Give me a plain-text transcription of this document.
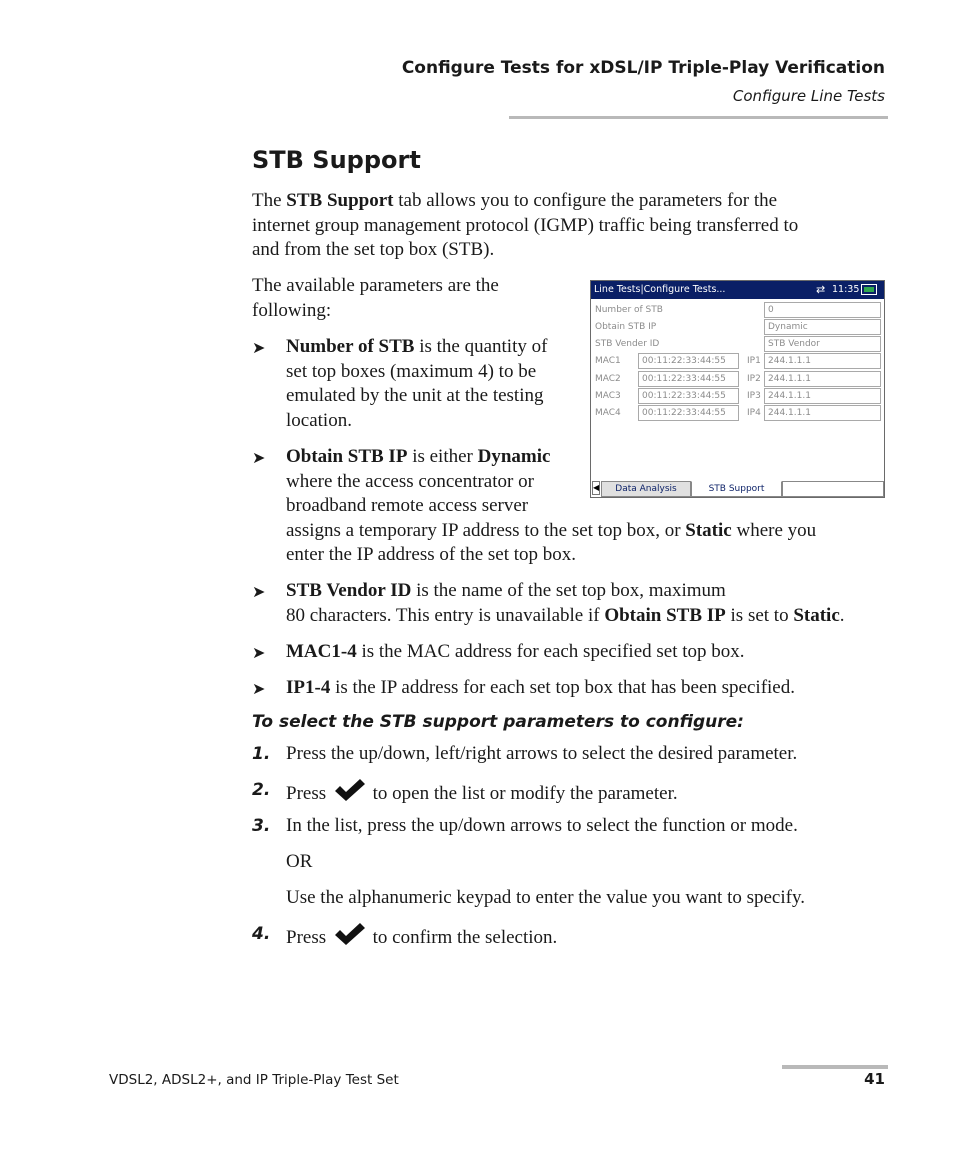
Configure Tests for xDSL/IP Triple-Play Verification
Configure Line Tests
STB Support
The STB Support tab allows you to configure the parameters for the
internet group management protocol (IGMP) traffic being transferred to
and from the set top box (STB).
The available parameters are the
following:
➤ Number of STB is the quantity of
set top boxes (maximum 4) to be
emulated by the unit at the testing
location.
➤ Obtain STB IP is either Dynamic
where the access concentrator or
broadband remote access server
assigns a temporary IP address to the set top box, or Static where you
enter the IP address of the set top box.
➤ STB Vendor ID is the name of the set top box, maximum
80 characters. This entry is unavailable if Obtain STB IP is set to Static.
➤ MAC1-4 is the MAC address for each specified set top box.
➤ IP1-4 is the IP address for each set top box that has been specified.
To select the STB support parameters to configure:
1. Press the up/down, left/right arrows to select the desired parameter.
2. Press  to open the list or modify the parameter.
3. In the list, press the up/down arrows to select the function or mode.
OR
Use the alphanumeric keypad to enter the value you want to specify.
4. Press  to confirm the selection.
Line Tests|Configure Tests...	⇄ 11:35
Number of STB	0
Obtain STB IP	Dynamic
STB Vender ID	STB Vendor
MAC1	00:11:22:33:44:55	IP1 244.1.1.1
MAC2	00:11:22:33:44:55	IP2 244.1.1.1
MAC3	00:11:22:33:44:55	IP3 244.1.1.1
MAC4	00:11:22:33:44:55	IP4 244.1.1.1
◀	Data Analysis	STB Support
VDSL2, ADSL2+, and IP Triple-Play Test Set	41
